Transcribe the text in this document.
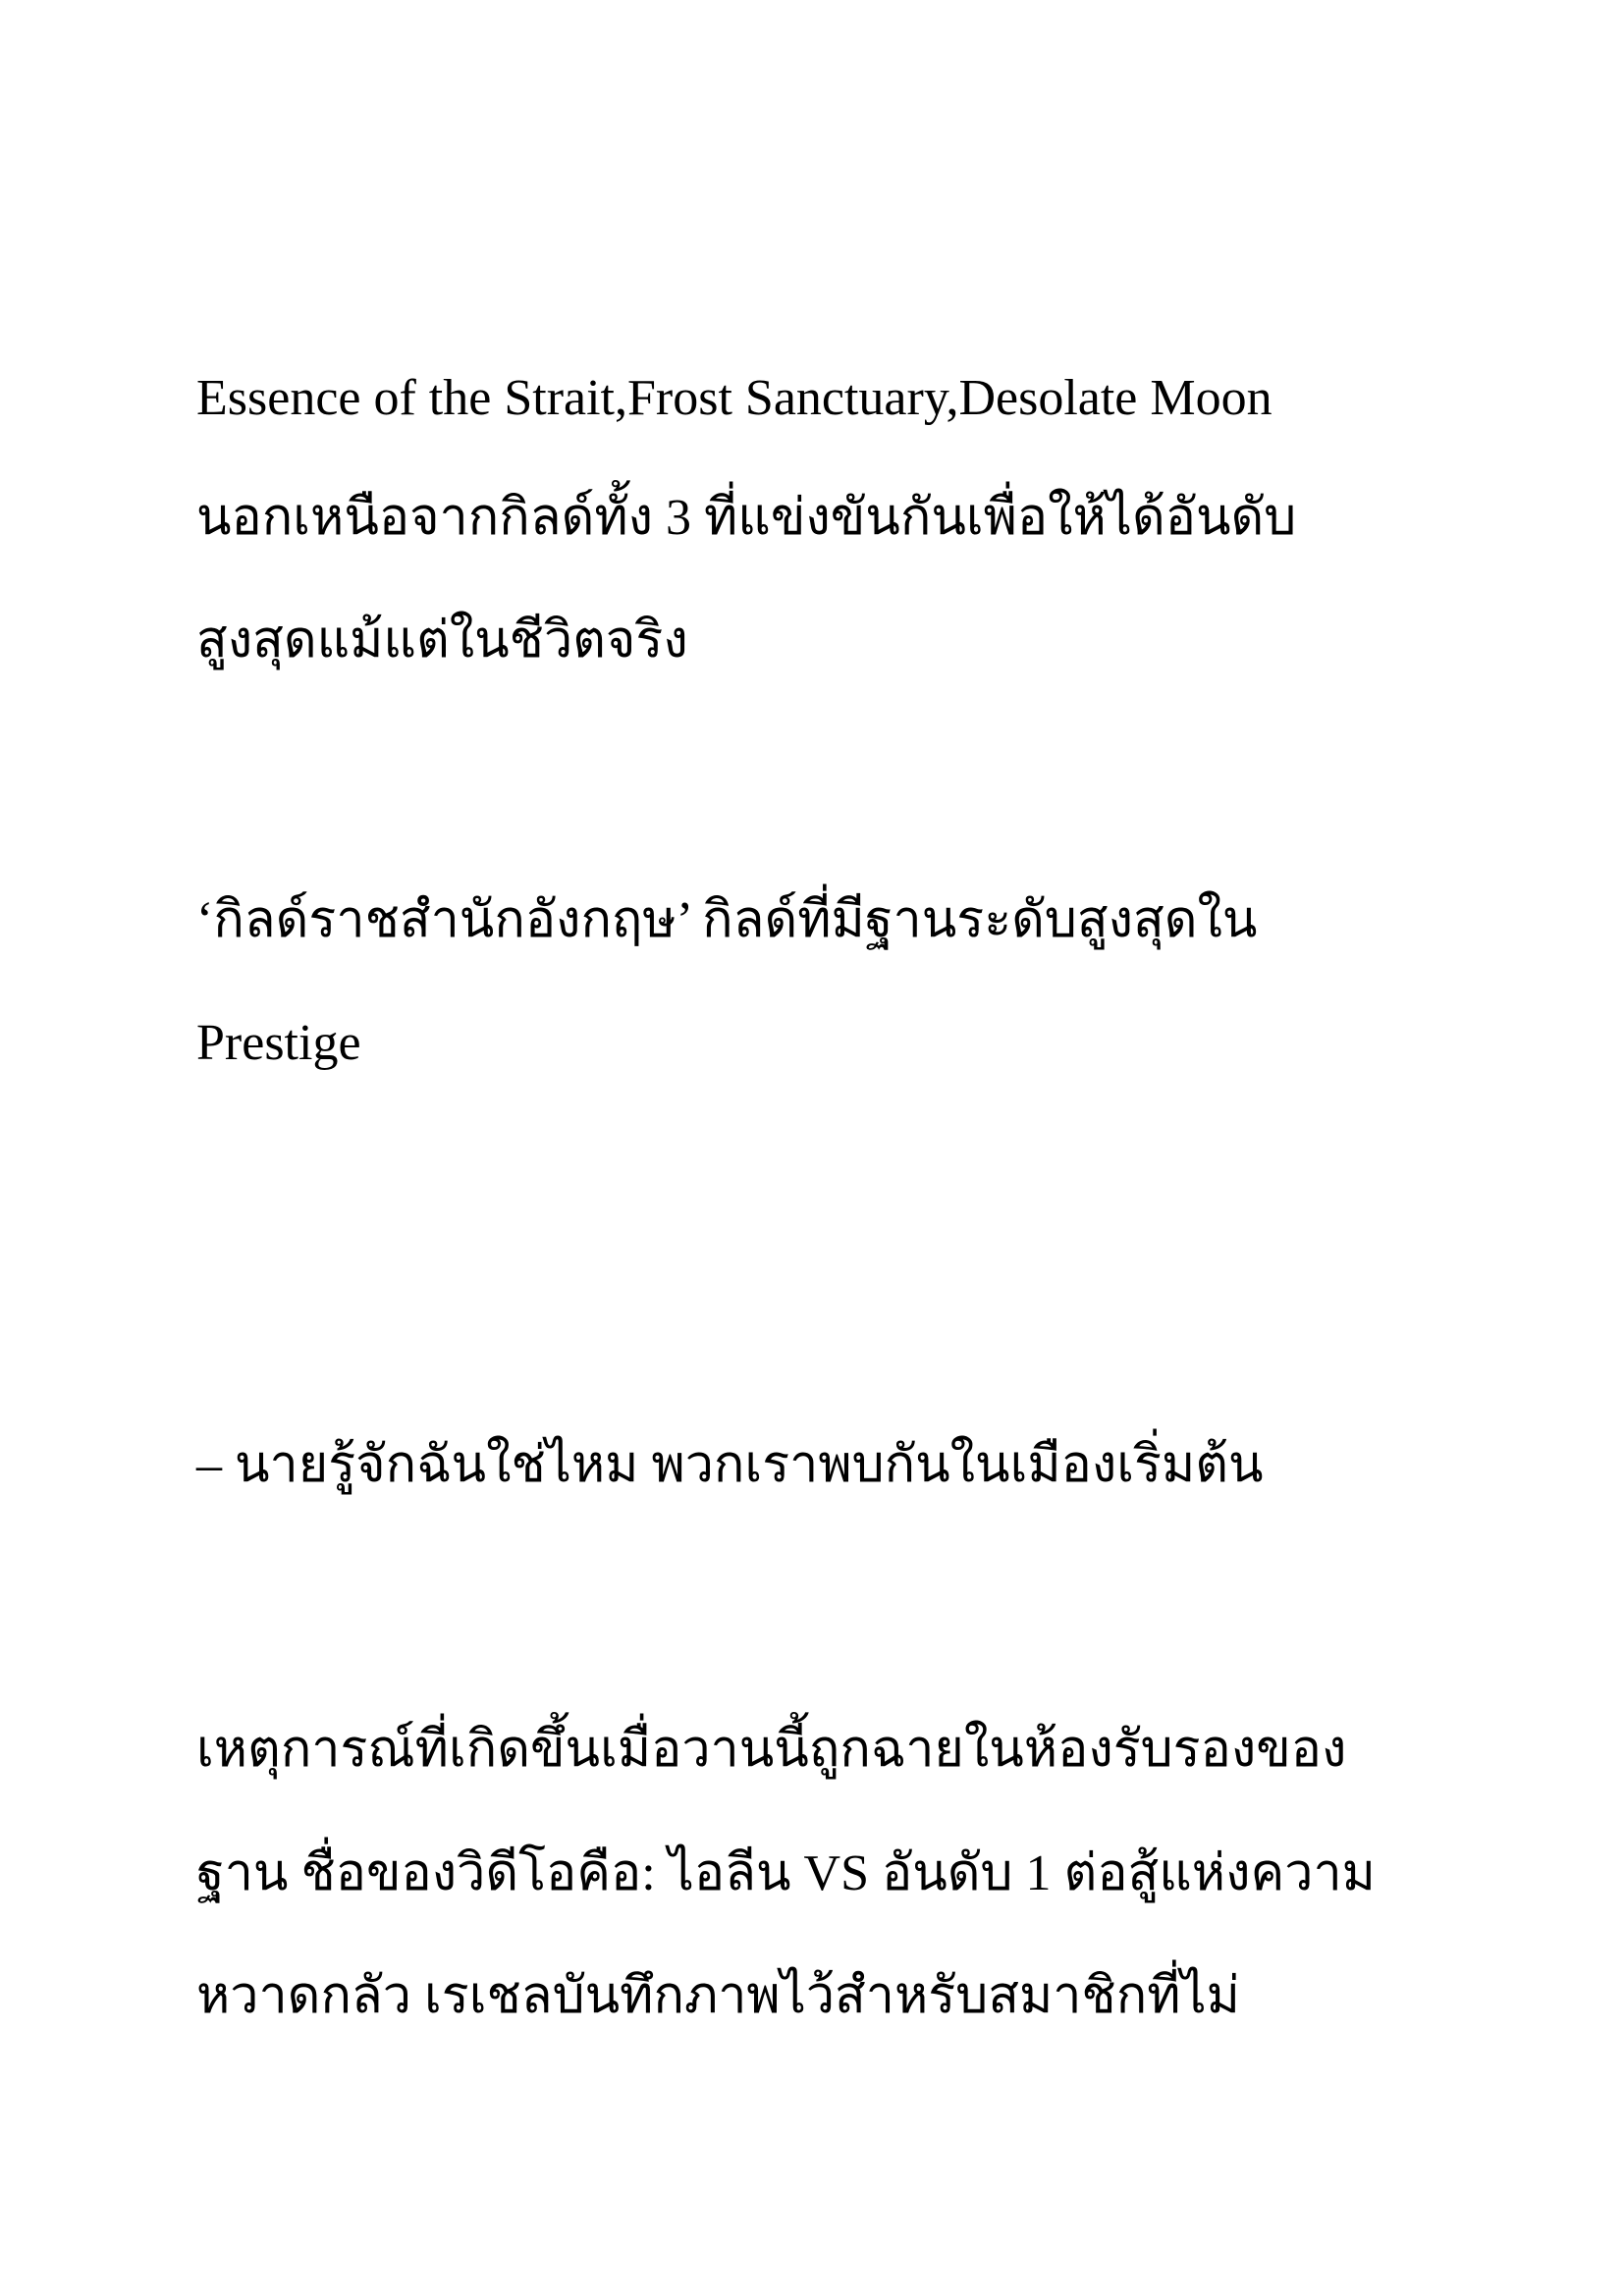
Essence of the Strait,Frost Sanctuary,Desolate Moon

นอกเหนือจากกิลด์ทั้ง 3 ที่แข่งขันกันเพื่อให้ได้อันดับ

สูงสุดแม้แต่ในชีวิตจริง

‘กิลด์ราชสำนักอังกฤษ’ กิลด์ที่มีฐานระดับสูงสุดใน

Prestige

– นายรู้จักฉันใช่ไหม พวกเราพบกันในเมืองเริ่มต้น

เหตุการณ์ที่เกิดขึ้นเมื่อวานนี้ถูกฉายในห้องรับรองของ

ฐาน ชื่อของวิดีโอคือ: ไอลีน VS อันดับ 1 ต่อสู้แห่งความ

หวาดกลัว เรเชลบันทึกภาพไว้สำหรับสมาชิกที่ไม่
